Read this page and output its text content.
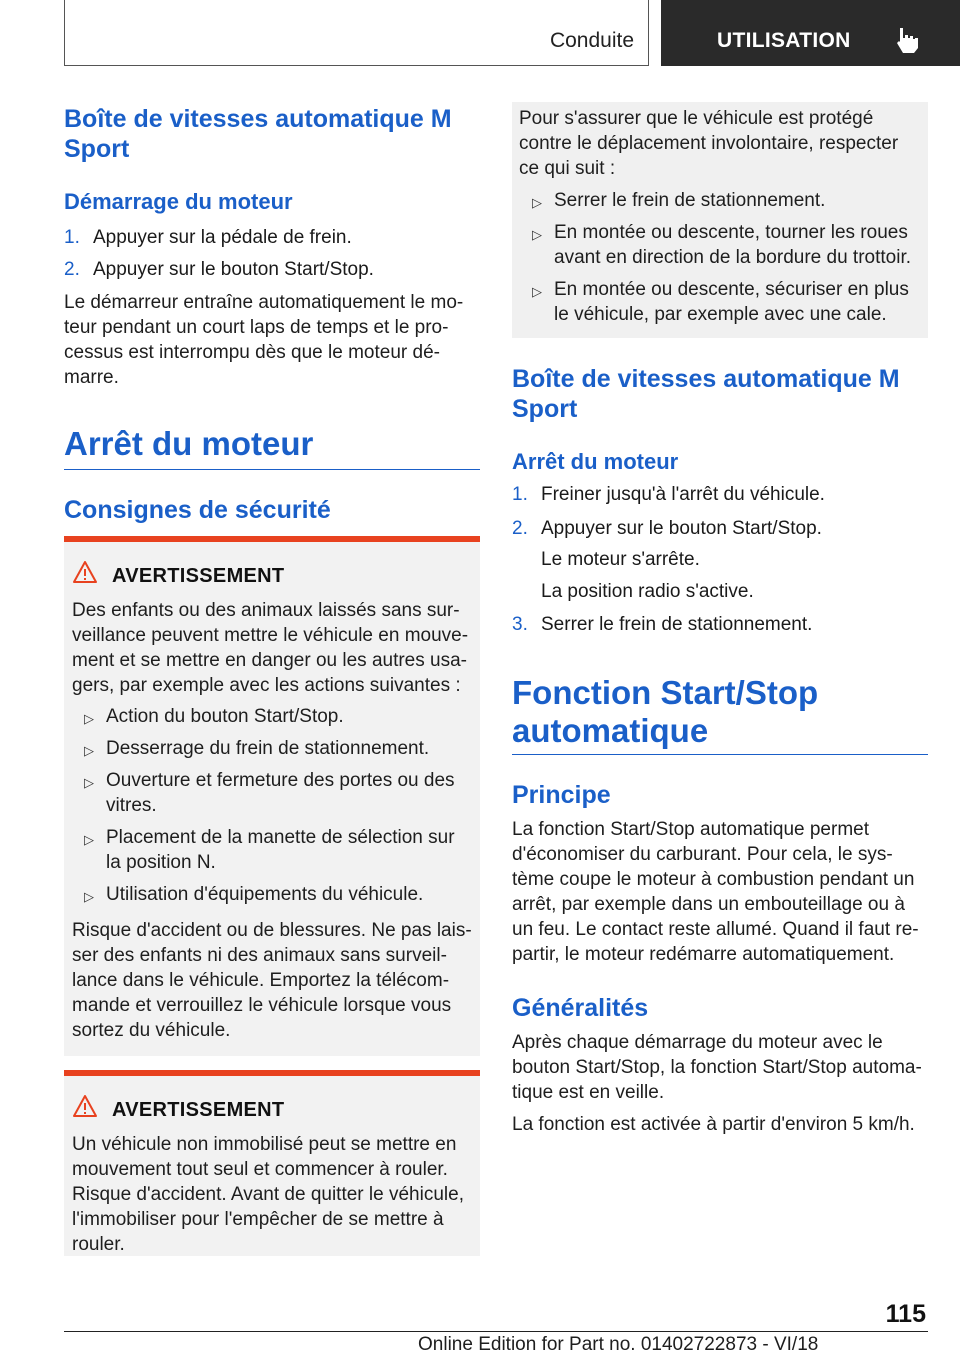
Conduite	UTILISATION
Boîte de vitesses automatique M Sport
Démarrage du moteur
1. Appuyer sur la pédale de frein.
2. Appuyer sur le bouton Start/Stop.

Le démarreur entraîne automatiquement le mo‐

teur pendant un court laps de temps et le pro‐

cessus est interrompu dès que le moteur dé‐

marre.

Arrêt du moteur
Consignes de sécurité
AVERTISSEMENT

Des enfants ou des animaux laissés sans sur‐

veillance peuvent mettre le véhicule en mouve‐

ment et se mettre en danger ou les autres usa‐

gers, par exemple avec les actions suivantes :

▷ Action du bouton Start/Stop.
▷ Desserrage du frein de stationnement.
▷ Ouverture et fermeture des portes ou des
vitres.
▷ Placement de la manette de sélection sur
la position N.
▷ Utilisation d'équipements du véhicule.

Risque d'accident ou de blessures. Ne pas lais‐

ser des enfants ni des animaux sans surveil‐

lance dans le véhicule. Emportez la télécom‐

mande et verrouillez le véhicule lorsque vous

sortez du véhicule.

AVERTISSEMENT

Un véhicule non immobilisé peut se mettre en

mouvement tout seul et commencer à rouler.

Risque d'accident. Avant de quitter le véhicule,

l'immobiliser pour l'empêcher de se mettre à

rouler.

Pour s'assurer que le véhicule est protégé

contre le déplacement involontaire, respecter

ce qui suit :

▷ Serrer le frein de stationnement.
▷ En montée ou descente, tourner les roues
avant en direction de la bordure du trottoir.
▷ En montée ou descente, sécuriser en plus
le véhicule, par exemple avec une cale.
Boîte de vitesses automatique M Sport
Arrêt du moteur
1. Freiner jusqu'à l'arrêt du véhicule.
2. Appuyer sur le bouton Start/Stop.
Le moteur s'arrête.
La position radio s'active.
3. Serrer le frein de stationnement.
Fonction Start/Stop
automatique
Principe

La fonction Start/Stop automatique permet

d'économiser du carburant. Pour cela, le sys‐

tème coupe le moteur à combustion pendant un

arrêt, par exemple dans un embouteillage ou à

un feu. Le contact reste allumé. Quand il faut re‐

partir, le moteur redémarre automatiquement.

Généralités

Après chaque démarrage du moteur avec le

bouton Start/Stop, la fonction Start/Stop automa‐

tique est en veille.

La fonction est activée à partir d'environ 5 km/h.

115
Online Edition for Part no. 01402722873 - VI/18
